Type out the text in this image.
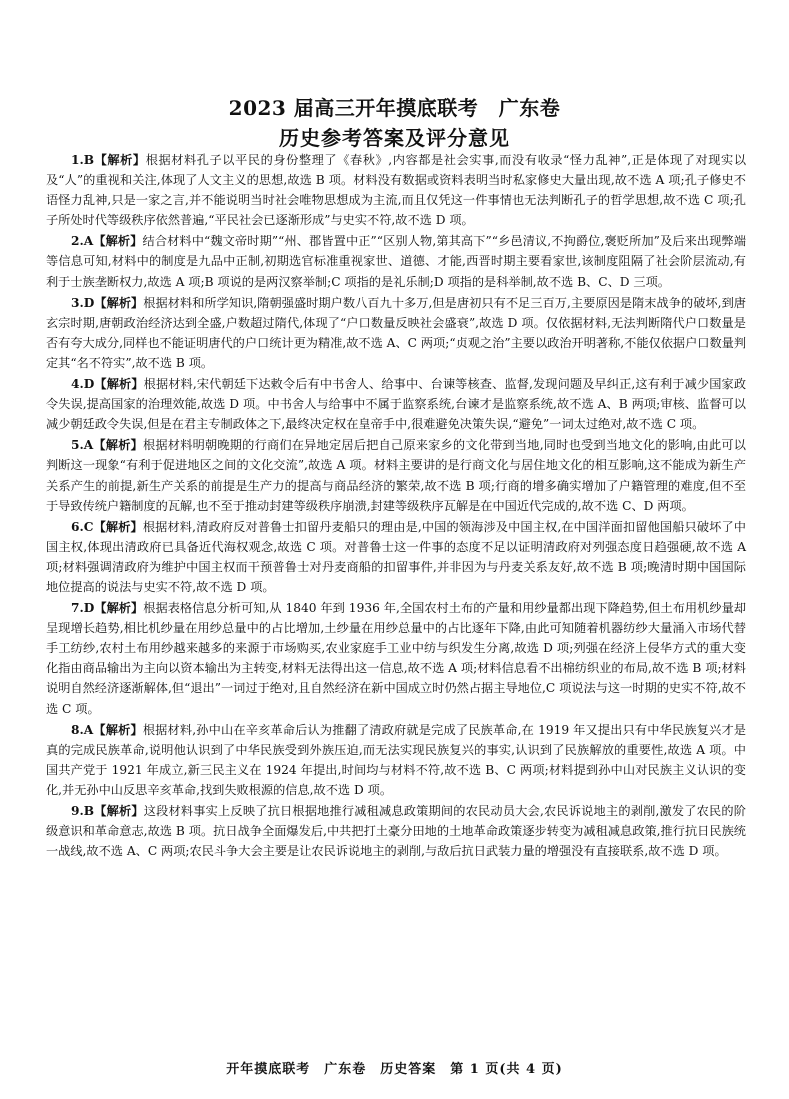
2023 届高三开年摸底联考　广东卷
历史参考答案及评分意见

1.B【解析】根据材料孔子以平民的身份整理了《春秋》,内容都是社会实事,而没有收录“怪力乱神”,正是体现了对现实以及“人”的重视和关注,体现了人文主义的思想,故选 B 项。材料没有数据或资料表明当时私家修史大量出现,故不选 A 项;孔子修史不语怪力乱神,只是一家之言,并不能说明当时社会唯物思想成为主流,而且仅凭这一件事情也无法判断孔子的哲学思想,故不选 C 项;孔子所处时代等级秩序依然普遍,“平民社会已逐渐形成”与史实不符,故不选 D 项。

2.A【解析】结合材料中“魏文帝时期”“州、郡皆置中正”“区别人物,第其高下”“乡邑清议,不拘爵位,褒贬所加”及后来出现弊端等信息可知,材料中的制度是九品中正制,初期选官标准重视家世、道德、才能,西晋时期主要看家世,该制度阻隔了社会阶层流动,有利于士族垄断权力,故选 A 项;B 项说的是两汉察举制;C 项指的是礼乐制;D 项指的是科举制,故不选 B、C、D 三项。

3.D【解析】根据材料和所学知识,隋朝强盛时期户数八百九十多万,但是唐初只有不足三百万,主要原因是隋末战争的破坏,到唐玄宗时期,唐朝政治经济达到全盛,户数超过隋代,体现了“户口数量反映社会盛衰”,故选 D 项。仅依据材料,无法判断隋代户口数量是否有夸大成分,同样也不能证明唐代的户口统计更为精准,故不选 A、C 两项;“贞观之治”主要以政治开明著称,不能仅依据户口数量判定其“名不符实”,故不选 B 项。

4.D【解析】根据材料,宋代朝廷下达敕令后有中书舍人、给事中、台谏等核查、监督,发现问题及早纠正,这有利于减少国家政令失误,提高国家的治理效能,故选 D 项。中书舍人与给事中不属于监察系统,台谏才是监察系统,故不选 A、B 两项;审核、监督可以减少朝廷政令失误,但是在君主专制政体之下,最终决定权在皇帝手中,很难避免决策失误,“避免”一词太过绝对,故不选 C 项。

5.A【解析】根据材料明朝晚期的行商们在异地定居后把自己原来家乡的文化带到当地,同时也受到当地文化的影响,由此可以判断这一现象“有利于促进地区之间的文化交流”,故选 A 项。材料主要讲的是行商文化与居住地文化的相互影响,这不能成为新生产关系产生的前提,新生产关系的前提是生产力的提高与商品经济的繁荣,故不选 B 项;行商的增多确实增加了户籍管理的难度,但不至于导致传统户籍制度的瓦解,也不至于推动封建等级秩序崩溃,封建等级秩序瓦解是在中国近代完成的,故不选 C、D 两项。

6.C【解析】根据材料,清政府反对普鲁士扣留丹麦船只的理由是,中国的领海涉及中国主权,在中国洋面扣留他国船只破坏了中国主权,体现出清政府已具备近代海权观念,故选 C 项。对普鲁士这一件事的态度不足以证明清政府对列强态度日趋强硬,故不选 A 项;材料强调清政府为维护中国主权而干预普鲁士对丹麦商船的扣留事件,并非因为与丹麦关系友好,故不选 B 项;晚清时期中国国际地位提高的说法与史实不符,故不选 D 项。

7.D【解析】根据表格信息分析可知,从 1840 年到 1936 年,全国农村土布的产量和用纱量都出现下降趋势,但土布用机纱量却呈现增长趋势,相比机纱量在用纱总量中的占比增加,土纱量在用纱总量中的占比逐年下降,由此可知随着机器纺纱大量涌入市场代替手工纺纱,农村土布用纱越来越多的来源于市场购买,农业家庭手工业中纺与织发生分离,故选 D 项;列强在经济上侵华方式的重大变化指由商品输出为主向以资本输出为主转变,材料无法得出这一信息,故不选 A 项;材料信息看不出棉纺织业的布局,故不选 B 项;材料说明自然经济逐渐解体,但“退出”一词过于绝对,且自然经济在新中国成立时仍然占据主导地位,C 项说法与这一时期的史实不符,故不选 C 项。

8.A【解析】根据材料,孙中山在辛亥革命后认为推翻了清政府就是完成了民族革命,在 1919 年又提出只有中华民族复兴才是真的完成民族革命,说明他认识到了中华民族受到外族压迫,而无法实现民族复兴的事实,认识到了民族解放的重要性,故选 A 项。中国共产党于 1921 年成立,新三民主义在 1924 年提出,时间均与材料不符,故不选 B、C 两项;材料提到孙中山对民族主义认识的变化,并无孙中山反思辛亥革命,找到失败根源的信息,故不选 D 项。

9.B【解析】这段材料事实上反映了抗日根据地推行减租减息政策期间的农民动员大会,农民诉说地主的剥削,激发了农民的阶级意识和革命意志,故选 B 项。抗日战争全面爆发后,中共把打土豪分田地的土地革命政策逐步转变为减租减息政策,推行抗日民族统一战线,故不选 A、C 两项;农民斗争大会主要是让农民诉说地主的剥削,与敌后抗日武装力量的增强没有直接联系,故不选 D 项。

开年摸底联考　广东卷　历史答案　第 1 页(共 4 页)
